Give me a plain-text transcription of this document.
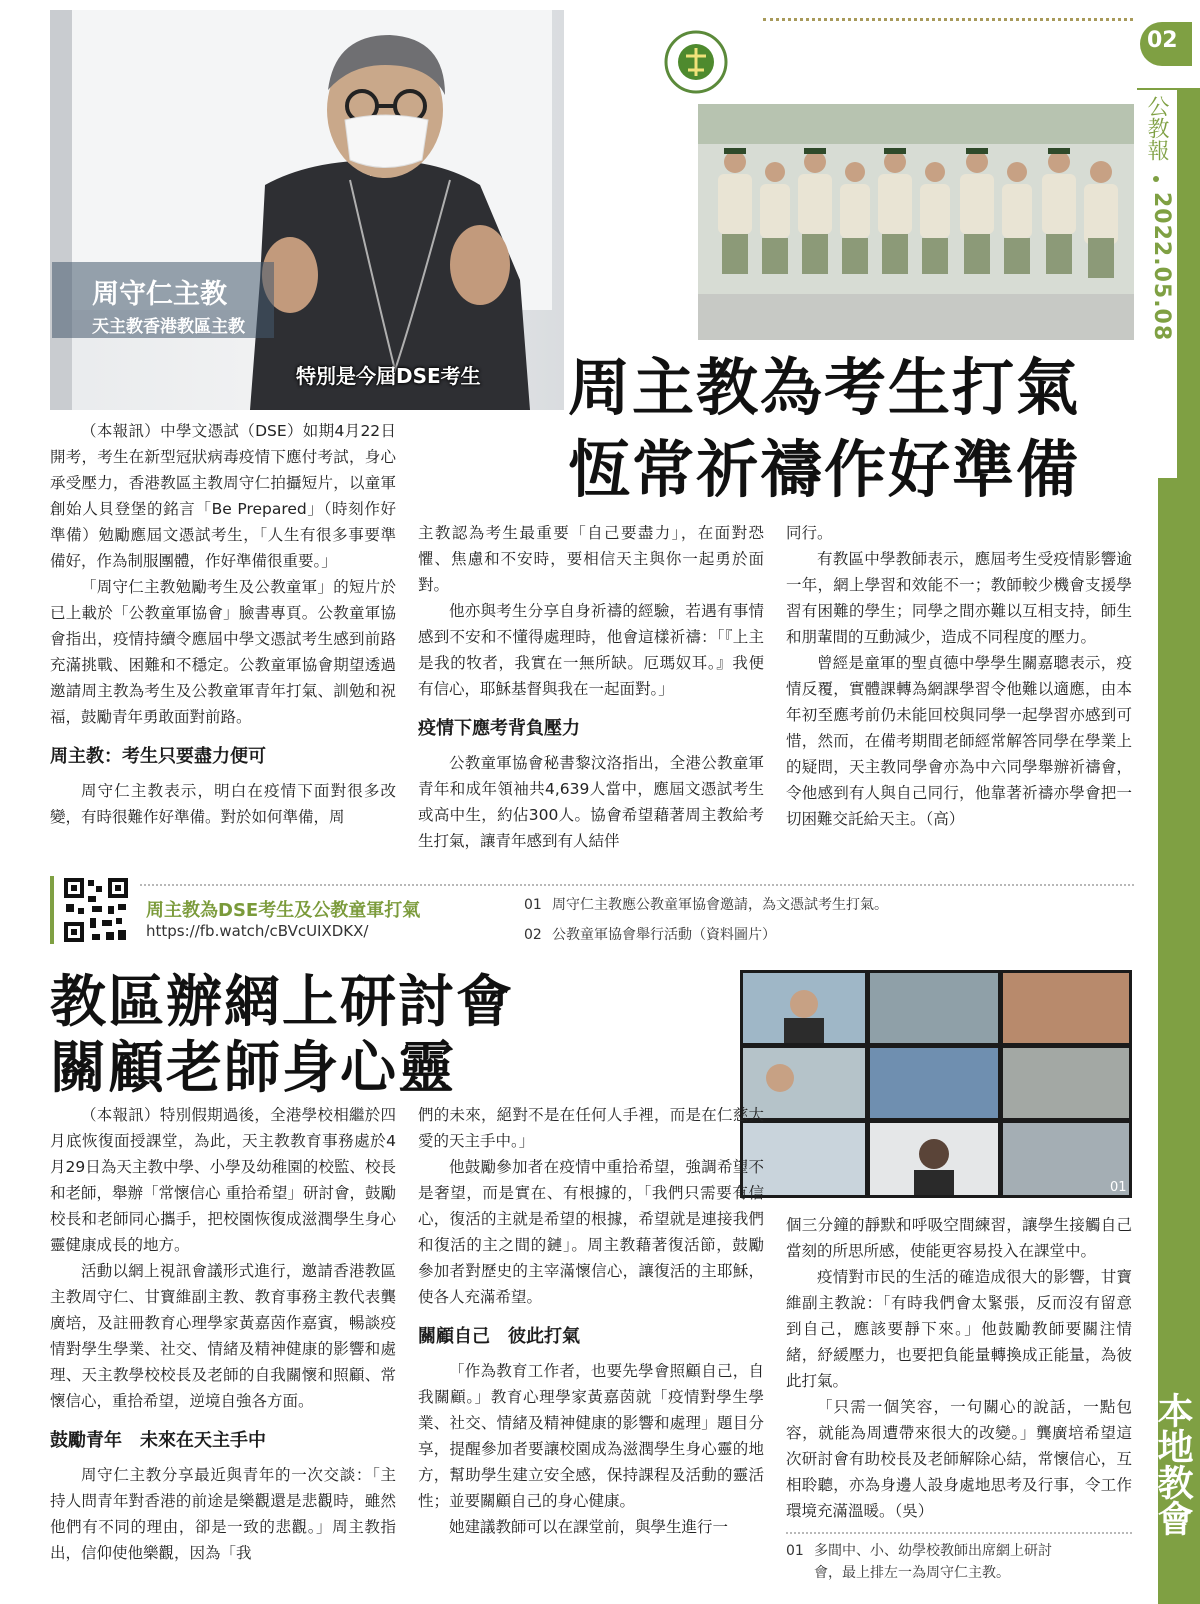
02
公教報
2022.05.08
本地教會
周守仁主教
天主教香港教區主教
特別是今屆DSE考生 周主教為考生打氣
恆常祈禱作好準備

（本報訊）中學文憑試（DSE）如期4月22日開考，考生在新型冠狀病毒疫情下應付考試，身心承受壓力，香港教區主教周守仁拍攝短片，以童軍創始人貝登堡的銘言「Be Prepared」（時刻作好準備）勉勵應屆文憑試考生，「人生有很多事要準備好，作為制服團體，作好準備很重要。」

「周守仁主教勉勵考生及公教童軍」的短片於已上載於「公教童軍協會」臉書專頁。公教童軍協會指出，疫情持續令應屆中學文憑試考生感到前路充滿挑戰、困難和不穩定。公教童軍協會期望透過邀請周主教為考生及公教童軍青年打氣、訓勉和祝福，鼓勵青年勇敢面對前路。

周主教：考生只要盡力便可

周守仁主教表示，明白在疫情下面對很多改變，有時很難作好準備。對於如何準備，周

主教認為考生最重要「自己要盡力」，在面對恐懼、焦慮和不安時，要相信天主與你一起勇於面對。

他亦與考生分享自身祈禱的經驗，若遇有事情感到不安和不懂得處理時，他會這樣祈禱：「『上主是我的牧者，我實在一無所缺。厄瑪奴耳。』我便有信心，耶穌基督與我在一起面對。」

疫情下應考背負壓力

公教童軍協會秘書黎汶洛指出，全港公教童軍青年和成年領袖共4,639人當中，應屆文憑試考生或高中生，約佔300人。協會希望藉著周主教給考生打氣，讓青年感到有人結伴

同行。

有教區中學教師表示，應屆考生受疫情影響逾一年，網上學習和效能不一；教師較少機會支援學習有困難的學生；同學之間亦難以互相支持，師生和朋輩間的互動減少，造成不同程度的壓力。

曾經是童軍的聖貞德中學學生關嘉聰表示，疫情反覆，實體課轉為網課學習令他難以適應，由本年初至應考前仍未能回校與同學一起學習亦感到可惜，然而，在備考期間老師經常解答同學在學業上的疑問，天主教同學會亦為中六同學舉辦祈禱會，令他感到有人與自己同行，他靠著祈禱亦學會把一切困難交託給天主。（高）

周主教為DSE考生及公教童軍打氣
https://fb.watch/cBVcUIXDKX/
01 周守仁主教應公教童軍協會邀請，為文憑試考生打氣。
02 公教童軍協會舉行活動（資料圖片）
教區辦網上研討會
關顧老師身心靈
01

（本報訊）特別假期過後，全港學校相繼於四月底恢復面授課堂，為此，天主教教育事務處於4月29日為天主教中學、小學及幼稚園的校監、校長和老師，舉辦「常懷信心 重拾希望」研討會，鼓勵校長和老師同心攜手，把校園恢復成滋潤學生身心靈健康成長的地方。

活動以網上視訊會議形式進行，邀請香港教區主教周守仁、甘寶維副主教、教育事務主教代表龔廣培，及註冊教育心理學家黃嘉茵作嘉賓，暢談疫情對學生學業、社交、情緒及精神健康的影響和處理、天主教學校校長及老師的自我關懷和照顧、常懷信心，重拾希望，逆境自強各方面。

鼓勵青年　未來在天主手中

周守仁主教分享最近與青年的一次交談：「主持人問青年對香港的前途是樂觀還是悲觀時，雖然他們有不同的理由，卻是一致的悲觀。」周主教指出，信仰使他樂觀，因為「我

們的未來，絕對不是在任何人手裡，而是在仁慈大愛的天主手中。」

他鼓勵參加者在疫情中重拾希望，強調希望不是奢望，而是實在、有根據的，「我們只需要有信心，復活的主就是希望的根據，希望就是連接我們和復活的主之間的鏈」。周主教藉著復活節，鼓勵參加者對歷史的主宰滿懷信心，讓復活的主耶穌，使各人充滿希望。

關顧自己　彼此打氣

「作為教育工作者，也要先學會照顧自己，自我關顧。」教育心理學家黃嘉茵就「疫情對學生學業、社交、情緒及精神健康的影響和處理」題目分享，提醒參加者要讓校園成為滋潤學生身心靈的地方，幫助學生建立安全感，保持課程及活動的靈活性；並要關顧自己的身心健康。

她建議教師可以在課堂前，與學生進行一

個三分鐘的靜默和呼吸空間練習，讓學生接觸自己當刻的所思所感，使能更容易投入在課堂中。

疫情對市民的生活的確造成很大的影響，甘寶維副主教說：「有時我們會太緊張，反而沒有留意到自己，應該要靜下來。」他鼓勵教師要關注情緒，紓緩壓力，也要把負能量轉換成正能量，為彼此打氣。

「只需一個笑容，一句關心的說話，一點包容，就能為周遭帶來很大的改變。」龔廣培希望這次研討會有助校長及老師解除心結，常懷信心，互相聆聽，亦為身邊人設身處地思考及行事，令工作環境充滿溫暖。（吳）

01 多間中、小、幼學校教師出席網上研討
會，最上排左一為周守仁主教。
